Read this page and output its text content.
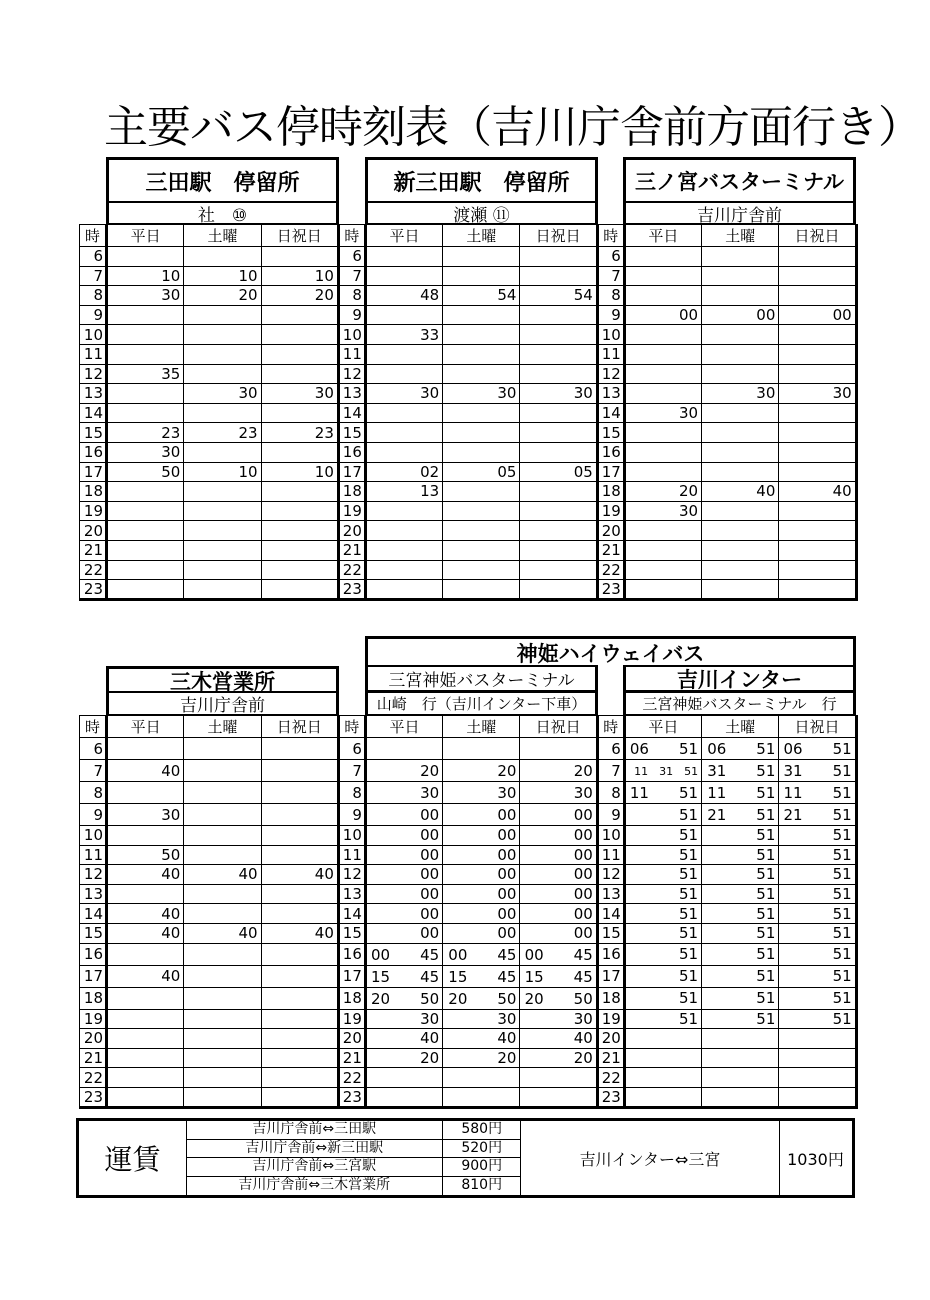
主要バス停時刻表（吉川庁舎前方面行き）
三田駅　停留所
社　⑩
新三田駅　停留所
渡瀬 ⑪
三ノ宮バスターミナル
吉川庁舎前
時	平日	土曜	日祝日	時	平日	土曜	日祝日	時	平日	土曜	日祝日
6				6				6			
7	10	10	10	7				7			
8	30	20	20	8	48	54	54	8			
9				9				9	00	00	00
10				10	33			10			
11				11				11			
12	35			12				12			
13		30	30	13	30	30	30	13		30	30
14				14				14	30		
15	23	23	23	15				15			
16	30			16				16			
17	50	10	10	17	02	05	05	17			
18				18	13			18	20	40	40
19				19				19	30		
20				20				20			
21				21				21			
22				22				22			
23				23				23			
神姫ハイウェイバス
三木営業所
吉川庁舎前
三宮神姫バスターミナル
山崎　行（吉川インター下車）
吉川インター
三宮神姫バスターミナル　行
時	平日	土曜	日祝日	時	平日	土曜	日祝日	時	平日	土曜	日祝日
6				6				6	06　　51	06　　51	06　　51
7	40			7	20	20	20	7	11　31　51	31　　51	31　　51
8				8	30	30	30	8	11　　51	11　　51	11　　51
9	30			9	00	00	00	9	51	21　　51	21　　51
10				10	00	00	00	10	51	51	51
11	50			11	00	00	00	11	51	51	51
12	40	40	40	12	00	00	00	12	51	51	51
13				13	00	00	00	13	51	51	51
14	40			14	00	00	00	14	51	51	51
15	40	40	40	15	00	00	00	15	51	51	51
16				16	00　　45	00　　45	00　　45	16	51	51	51
17	40			17	15　　45	15　　45	15　　45	17	51	51	51
18				18	20　　50	20　　50	20　　50	18	51	51	51
19				19	30	30	30	19	51	51	51
20				20	40	40	40	20			
21				21	20	20	20	21			
22				22				22			
23				23				23			
運賃
吉川庁舎前⇔三田駅	580円
吉川庁舎前⇔新三田駅	520円
吉川庁舎前⇔三宮駅	900円
吉川庁舎前⇔三木営業所	810円
吉川インター⇔三宮	1030円
